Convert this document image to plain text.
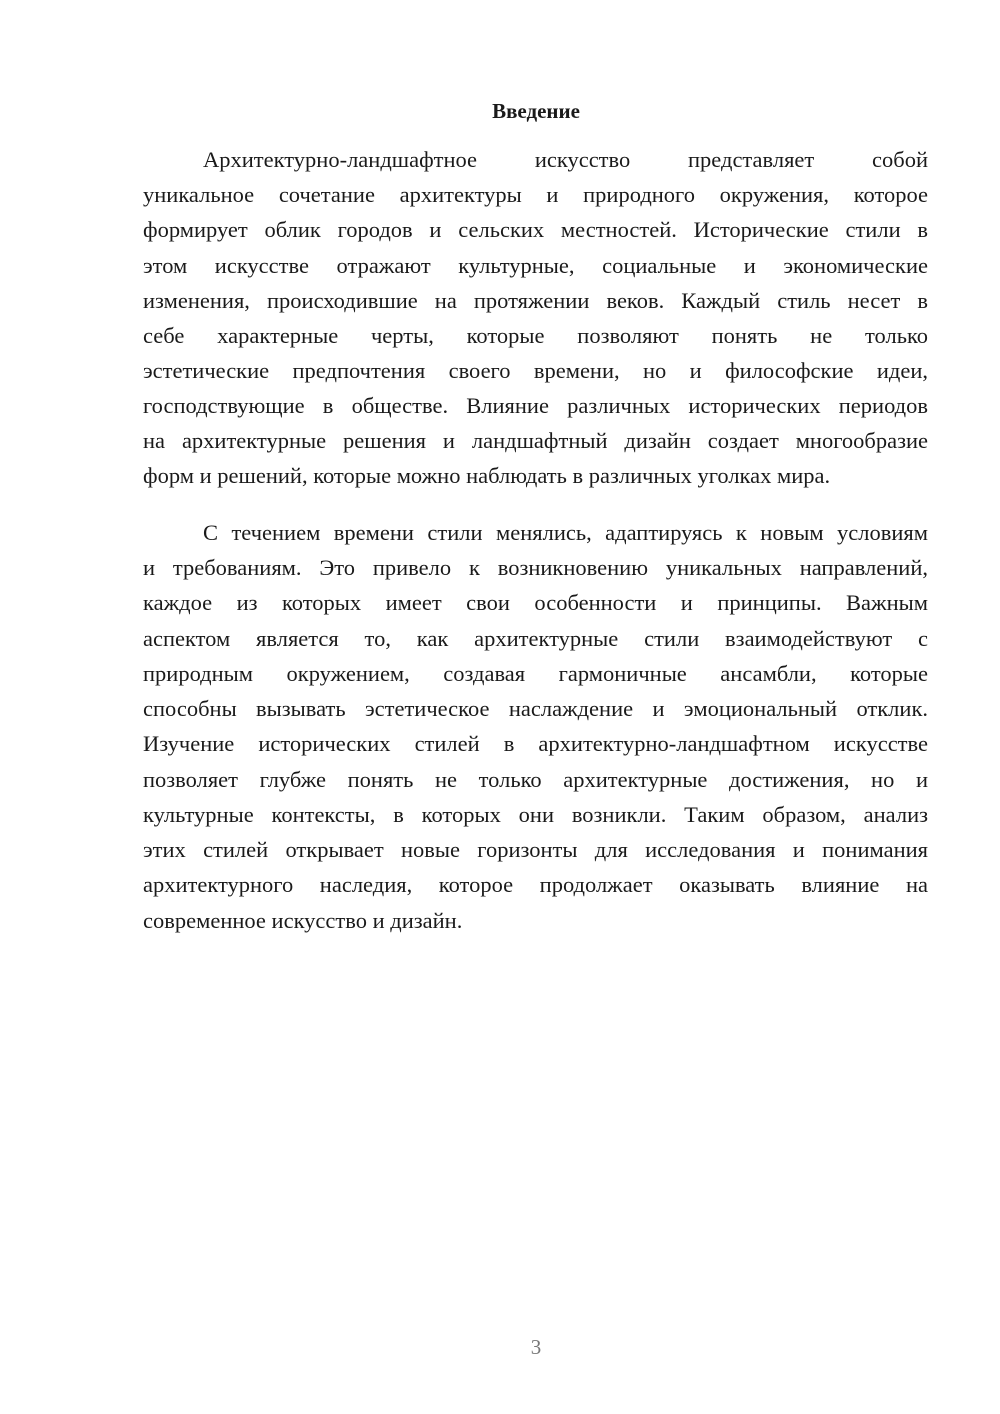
Введение
Архитектурно-ландшафтное искусство представляет собой
уникальное сочетание архитектуры и природного окружения, которое
формирует облик городов и сельских местностей. Исторические стили в
этом искусстве отражают культурные, социальные и экономические
изменения, происходившие на протяжении веков. Каждый стиль несет в
себе характерные черты, которые позволяют понять не только
эстетические предпочтения своего времени, но и философские идеи,
господствующие в обществе. Влияние различных исторических периодов
на архитектурные решения и ландшафтный дизайн создает многообразие
форм и решений, которые можно наблюдать в различных уголках мира.
С течением времени стили менялись, адаптируясь к новым условиям
и требованиям. Это привело к возникновению уникальных направлений,
каждое из которых имеет свои особенности и принципы. Важным
аспектом является то, как архитектурные стили взаимодействуют с
природным окружением, создавая гармоничные ансамбли, которые
способны вызывать эстетическое наслаждение и эмоциональный отклик.
Изучение исторических стилей в архитектурно-ландшафтном искусстве
позволяет глубже понять не только архитектурные достижения, но и
культурные контексты, в которых они возникли. Таким образом, анализ
этих стилей открывает новые горизонты для исследования и понимания
архитектурного наследия, которое продолжает оказывать влияние на
современное искусство и дизайн.
3
